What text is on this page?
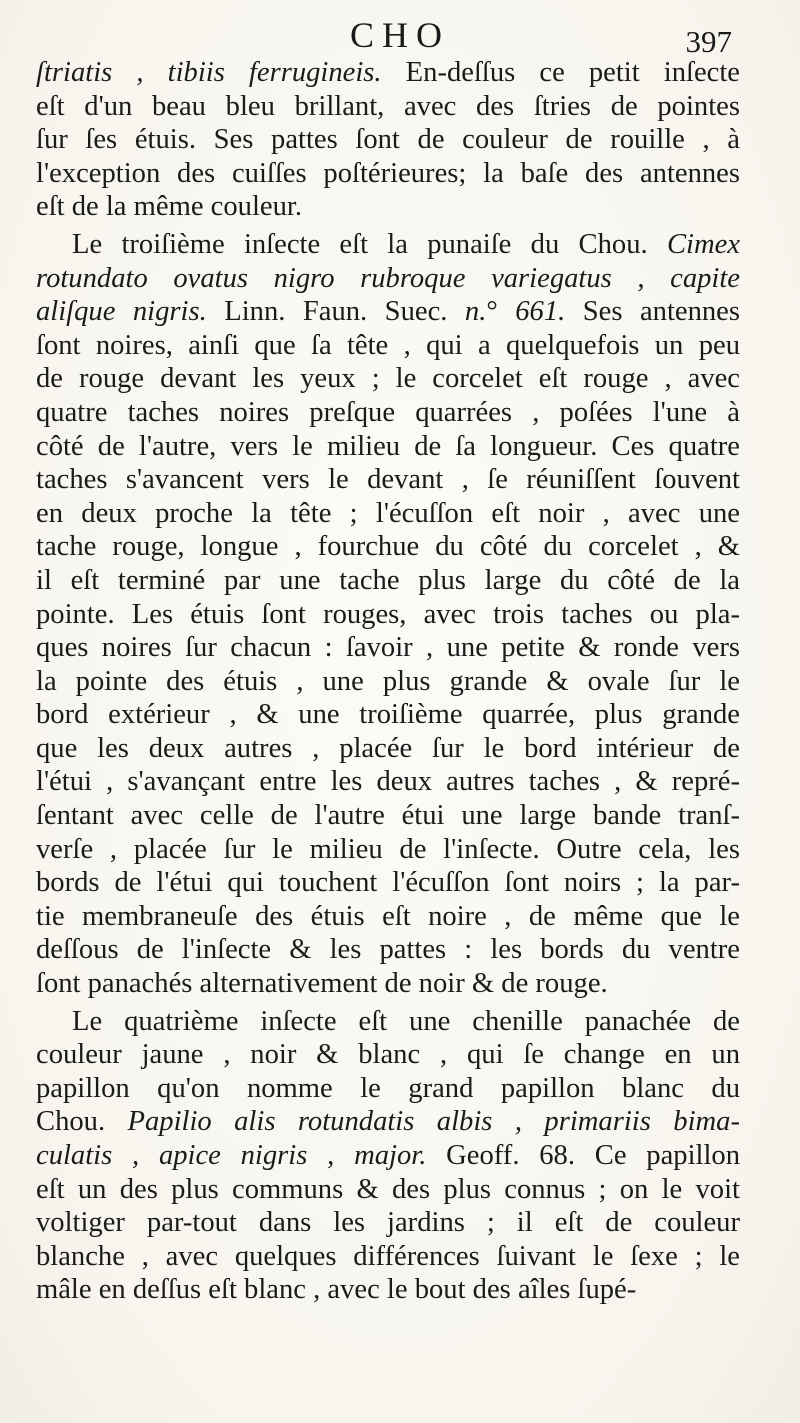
CHO	397
ſtriatis , tibiis ferrugineis. En-deſſus ce petit inſecte
eſt d'un beau bleu brillant, avec des ſtries de pointes
ſur ſes étuis. Ses pattes ſont de couleur de rouille , à
l'exception des cuiſſes poſtérieures; la baſe des antennes
eſt de la même couleur.
Le troiſième inſecte eſt la punaiſe du Chou. Cimex
rotundato ovatus nigro rubroque variegatus , capite
aliſque nigris. Linn. Faun. Suec. n.° 661. Ses antennes
ſont noires, ainſi que ſa tête , qui a quelquefois un peu
de rouge devant les yeux ; le corcelet eſt rouge , avec
quatre taches noires preſque quarrées , poſées l'une à
côté de l'autre, vers le milieu de ſa longueur. Ces quatre
taches s'avancent vers le devant , ſe réuniſſent ſouvent
en deux proche la tête ; l'écuſſon eſt noir , avec une
tache rouge, longue , fourchue du côté du corcelet , &
il eſt terminé par une tache plus large du côté de la
pointe. Les étuis ſont rouges, avec trois taches ou pla-
ques noires ſur chacun : ſavoir , une petite & ronde vers
la pointe des étuis , une plus grande & ovale ſur le
bord extérieur , & une troiſième quarrée, plus grande
que les deux autres , placée ſur le bord intérieur de
l'étui , s'avançant entre les deux autres taches , & repré-
ſentant avec celle de l'autre étui une large bande tranſ-
verſe , placée ſur le milieu de l'inſecte. Outre cela, les
bords de l'étui qui touchent l'écuſſon ſont noirs ; la par-
tie membraneuſe des étuis eſt noire , de même que le
deſſous de l'inſecte & les pattes : les bords du ventre
ſont panachés alternativement de noir & de rouge.
Le quatrième inſecte eſt une chenille panachée de
couleur jaune , noir & blanc , qui ſe change en un
papillon qu'on nomme le grand papillon blanc du
Chou. Papilio alis rotundatis albis , primariis bima-
culatis , apice nigris , major. Geoff. 68. Ce papillon
eſt un des plus communs & des plus connus ; on le voit
voltiger par-tout dans les jardins ; il eſt de couleur
blanche , avec quelques différences ſuivant le ſexe ; le
mâle en deſſus eſt blanc , avec le bout des aîles ſupé-
